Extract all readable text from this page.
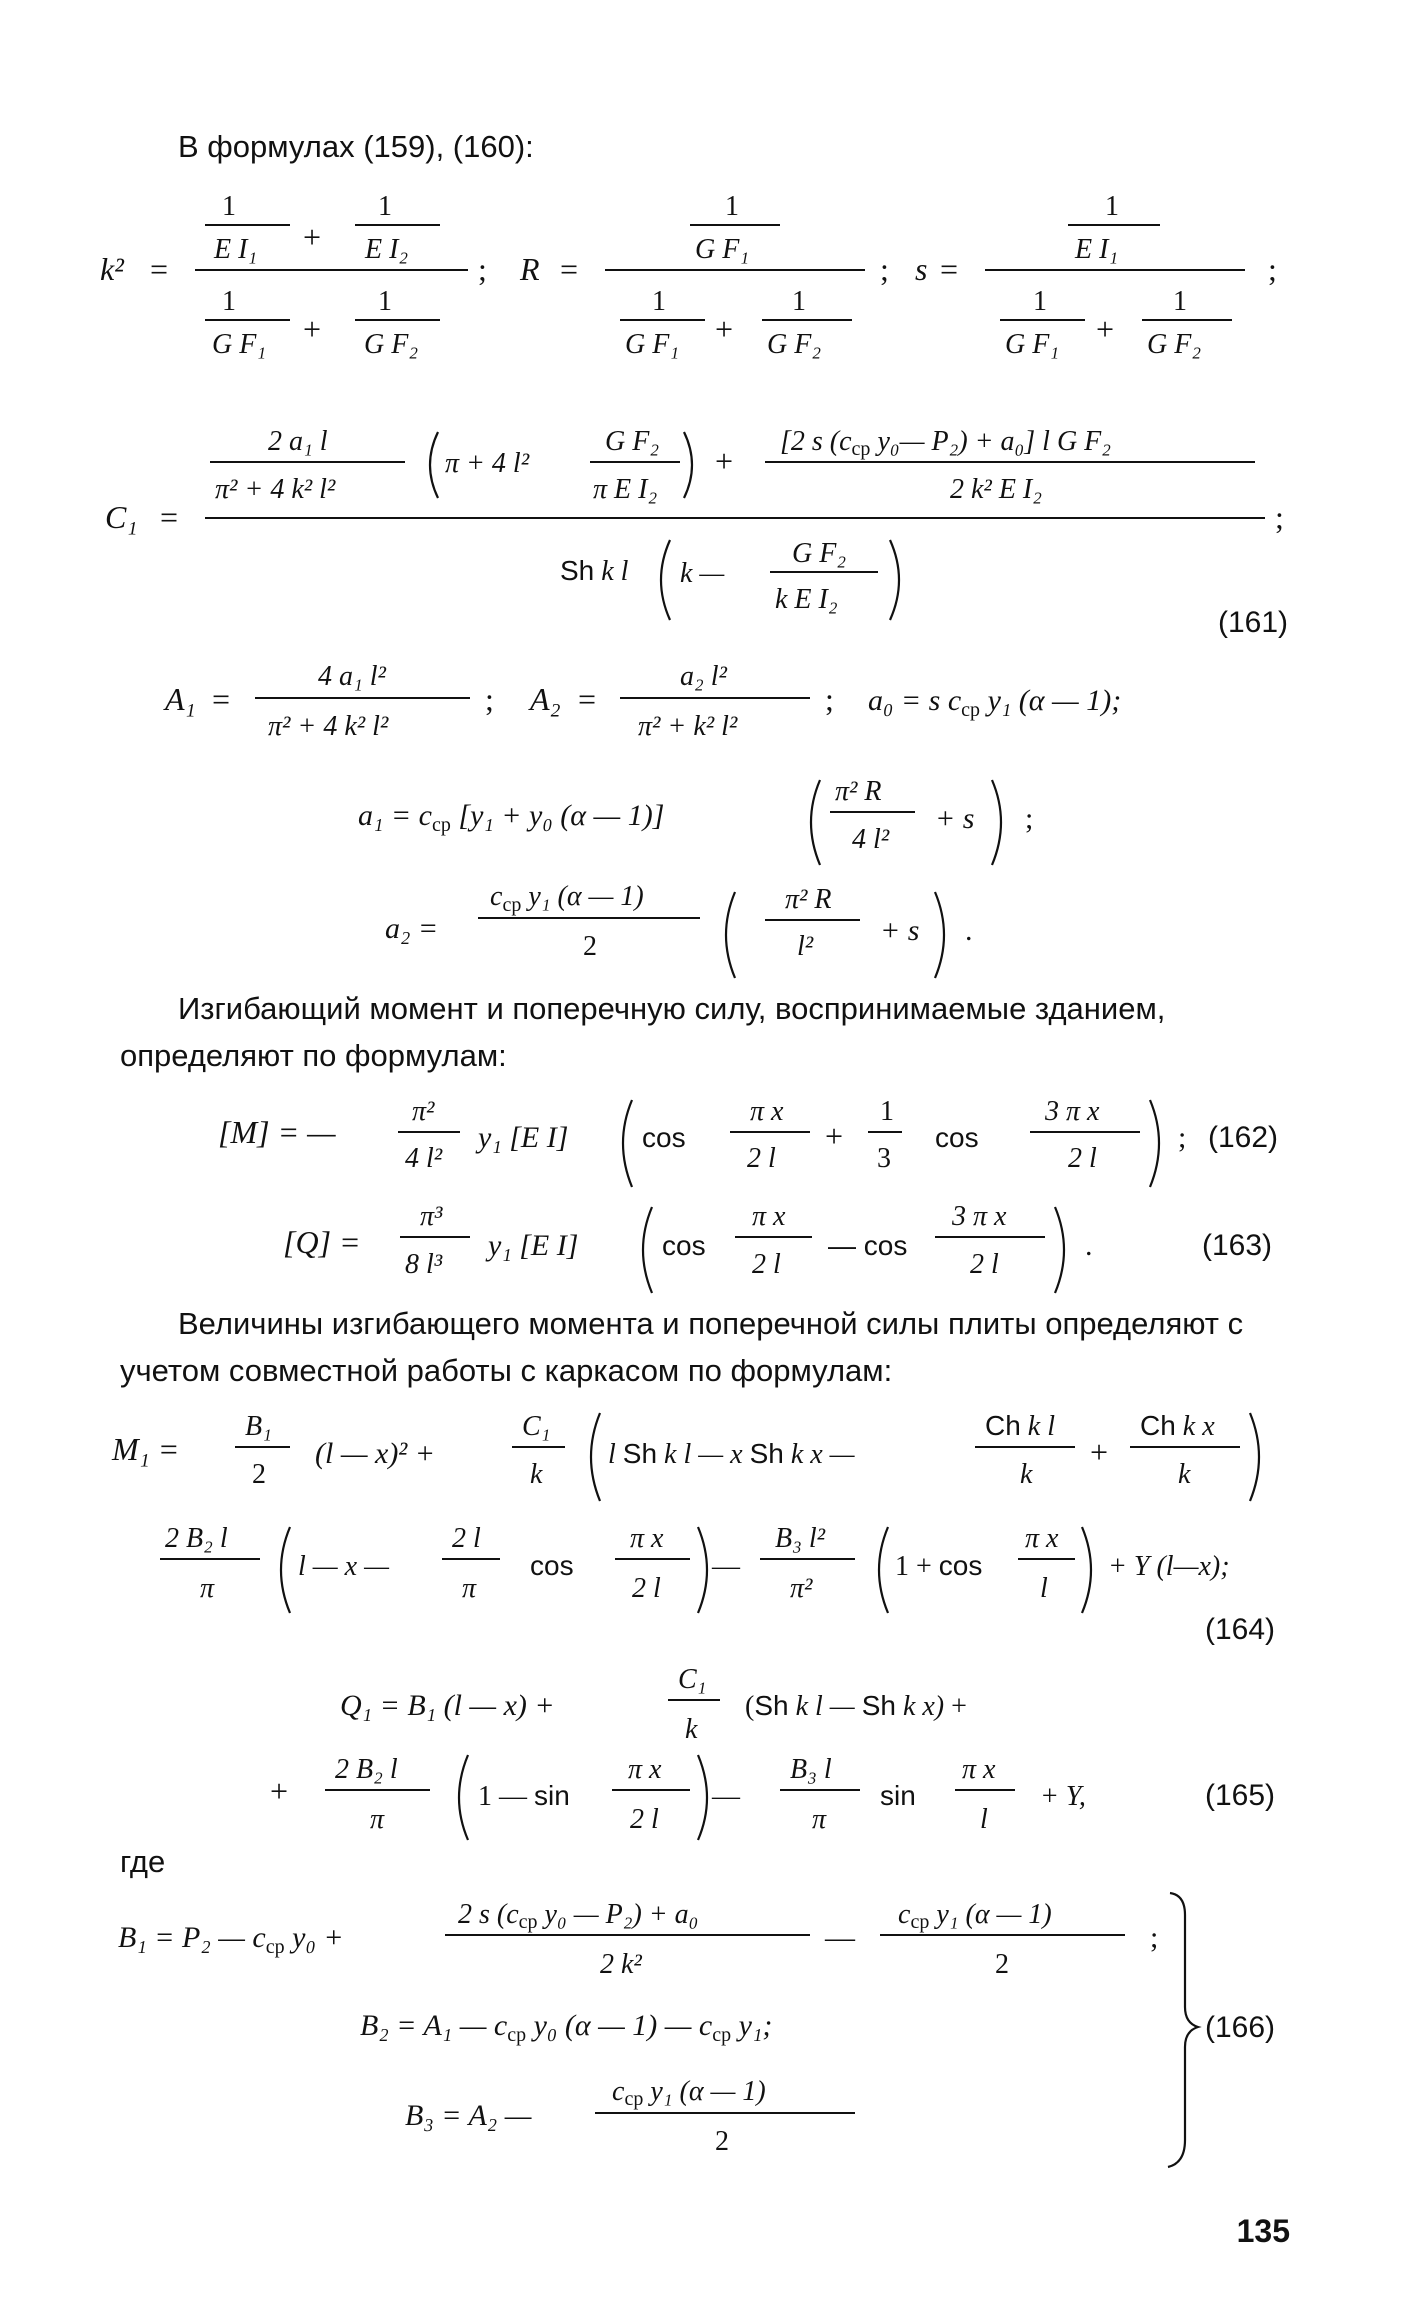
В формулах (159), (160):
k² =
1
E I₁ +
1
E I₂
1
G F₁ +
1
G F₂
; R =
1
G F₁
1
G F₁ +
1
G F₂
; s =
1
E I₁
1
G F₁ +
1
G F₂
;
C₁ =
2 a₁ l
π² + 4 k² l²
π + 4 l²
G F₂
π E I₂
+
[2 s (cср y₀— P₂) + a₀] l G F₂
2 k² E I₂
;
Sh k l k —
G F₂
k E I₂
(161)
A₁ =
4 a₁ l²
π² + 4 k² l²
; A₂ =
a₂ l²
π² + k² l²
; a₀ = s $c_{ср}$ y₁ (α — 1);
$a_1 = c_{ср}$ [y₁ + y₀ (α — 1)]
π² R
4 l²
+ s ;
a₂ =
$c_{ср}$ y₁ (α — 1)
2
π² R
l² + s .
Изгибающий момент и поперечную силу, воспринимаемые зданием, определяют по формулам:
[M] = —
π²
4 l²
y₁ [E I]	cos
π x
2 l
+
1
3
cos
3 π x
2 l
; (162)
[Q] =
π³
8 l³
y₁ [E I]	cos
π x
2 l
— cos
3 π x
2 l
.	(163)
Величины изгибающего момента и поперечной силы плиты определяют с учетом совместной работы с каркасом по формулам:
M₁ =
B₁
2
(l — x)² +
C₁
k
l Sh k l — x Sh k x —
Ch k l
k
+
Ch k x
k
2 B₂ l
π
l — x —
2 l
π
cos
π x
2 l
—
B₃ l²
π²
1 + cos
π x
l
+ Y (l—x);
(164)
Q₁ = B₁ (l — x) +
C₁
k
(Sh k l — Sh k x) +
+
2 B₂ l
π
1 — sin
π x
2 l
—
B₃ l
π
sin
π x
l
+ Y,	(165)
где
B₁ = P₂ — $c_{ср}$ y₀ +
2 s (cср y₀ — P₂) + a₀
2 k²
—
cср y₁ (α — 1)
2
;
B₂ = A₁ — $c_{ср}$ y₀ (α — 1) — $c_{ср}$ y₁;
B₃ = A₂ —
cср y₁ (α — 1)
2
(166)
135
